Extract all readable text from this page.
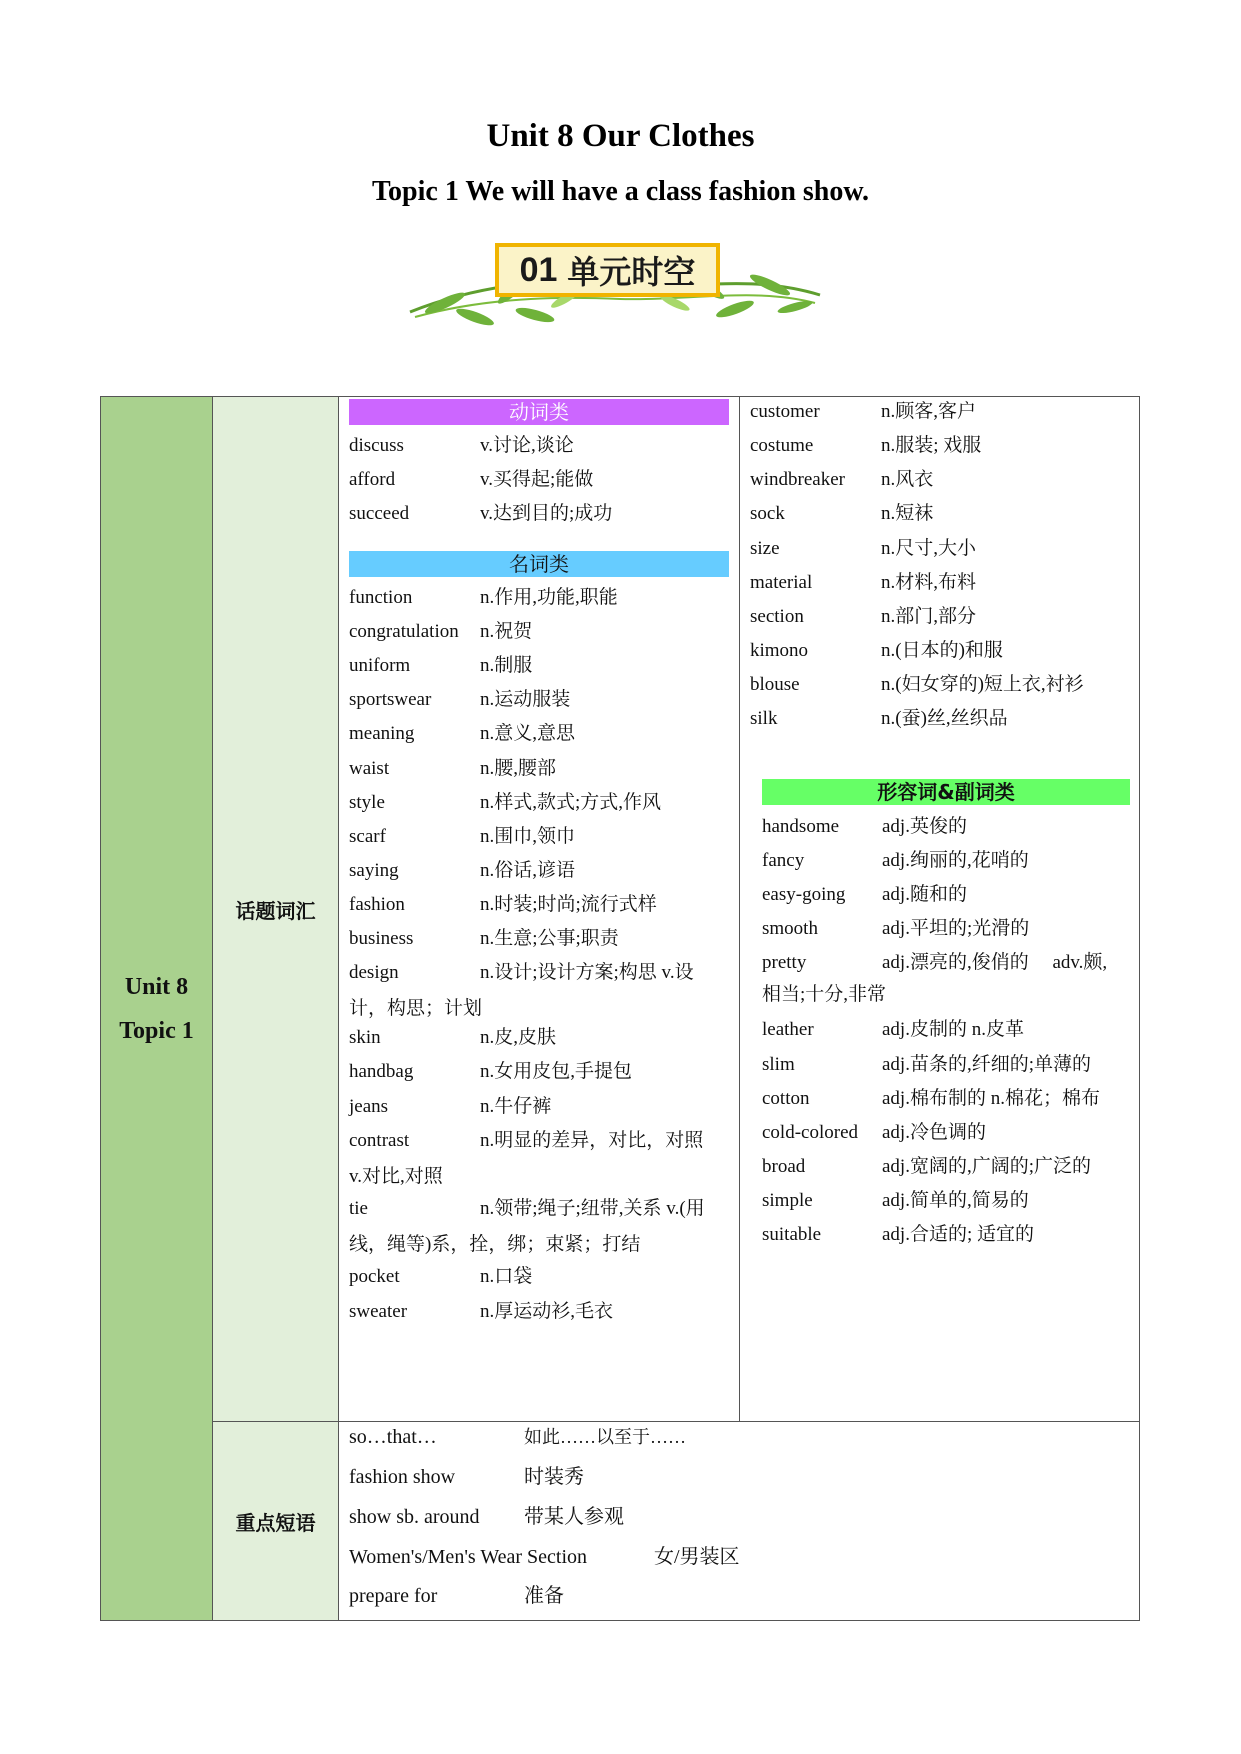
Unit 8 Our Clothes
Topic 1 We will have a class fashion show.
01 单元时空
Unit 8
Topic 1
话题词汇
重点短语
动词类
discuss	v.讨论,谈论
afford	v.买得起;能做
succeed	v.达到目的;成功
名词类
function	n.作用,功能,职能
congratulation n.祝贺
uniform	n.制服
sportswear	n.运动服装
meaning	n.意义,意思
waist	n.腰,腰部
style	n.样式,款式;方式,作风
scarf	n.围巾,领巾
saying	n.俗话,谚语
fashion	n.时装;时尚;流行式样
business	n.生意;公事;职责
design	n.设计;设计方案;构思 v.设
计，构思；计划
skin	n.皮,皮肤
handbag	n.女用皮包,手提包
jeans	n.牛仔裤
contrast	n.明显的差异，对比，对照
v.对比,对照
tie	n.领带;绳子;纽带,关系 v.(用
线，绳等)系，拴，绑；束紧；打结
pocket	n.口袋
sweater	n.厚运动衫,毛衣
customer	n.顾客,客户
costume	n.服装; 戏服
windbreaker n.风衣
sock	n.短袜
size	n.尺寸,大小
material	n.材料,布料
section	n.部门,部分
kimono	n.(日本的)和服
blouse	n.(妇女穿的)短上衣,衬衫
silk	n.(蚕)丝,丝织品
形容词&副词类
handsome adj.英俊的
fancy	adj.绚丽的,花哨的
easy-going adj.随和的
smooth	adj.平坦的;光滑的
pretty	adj.漂亮的,俊俏的　 adv.颇,
相当;十分,非常
leather	adj.皮制的 n.皮革
slim	adj.苗条的,纤细的;单薄的
cotton	adj.棉布制的 n.棉花；棉布
cold-colored adj.冷色调的
broad	adj.宽阔的,广阔的;广泛的
simple	adj.简单的,简易的
suitable	adj.合适的; 适宜的
so…that…	如此……以至于……
fashion show	时装秀
show sb. around 带某人参观
Women's/Men's Wear Section	女/男装区
prepare for	准备
